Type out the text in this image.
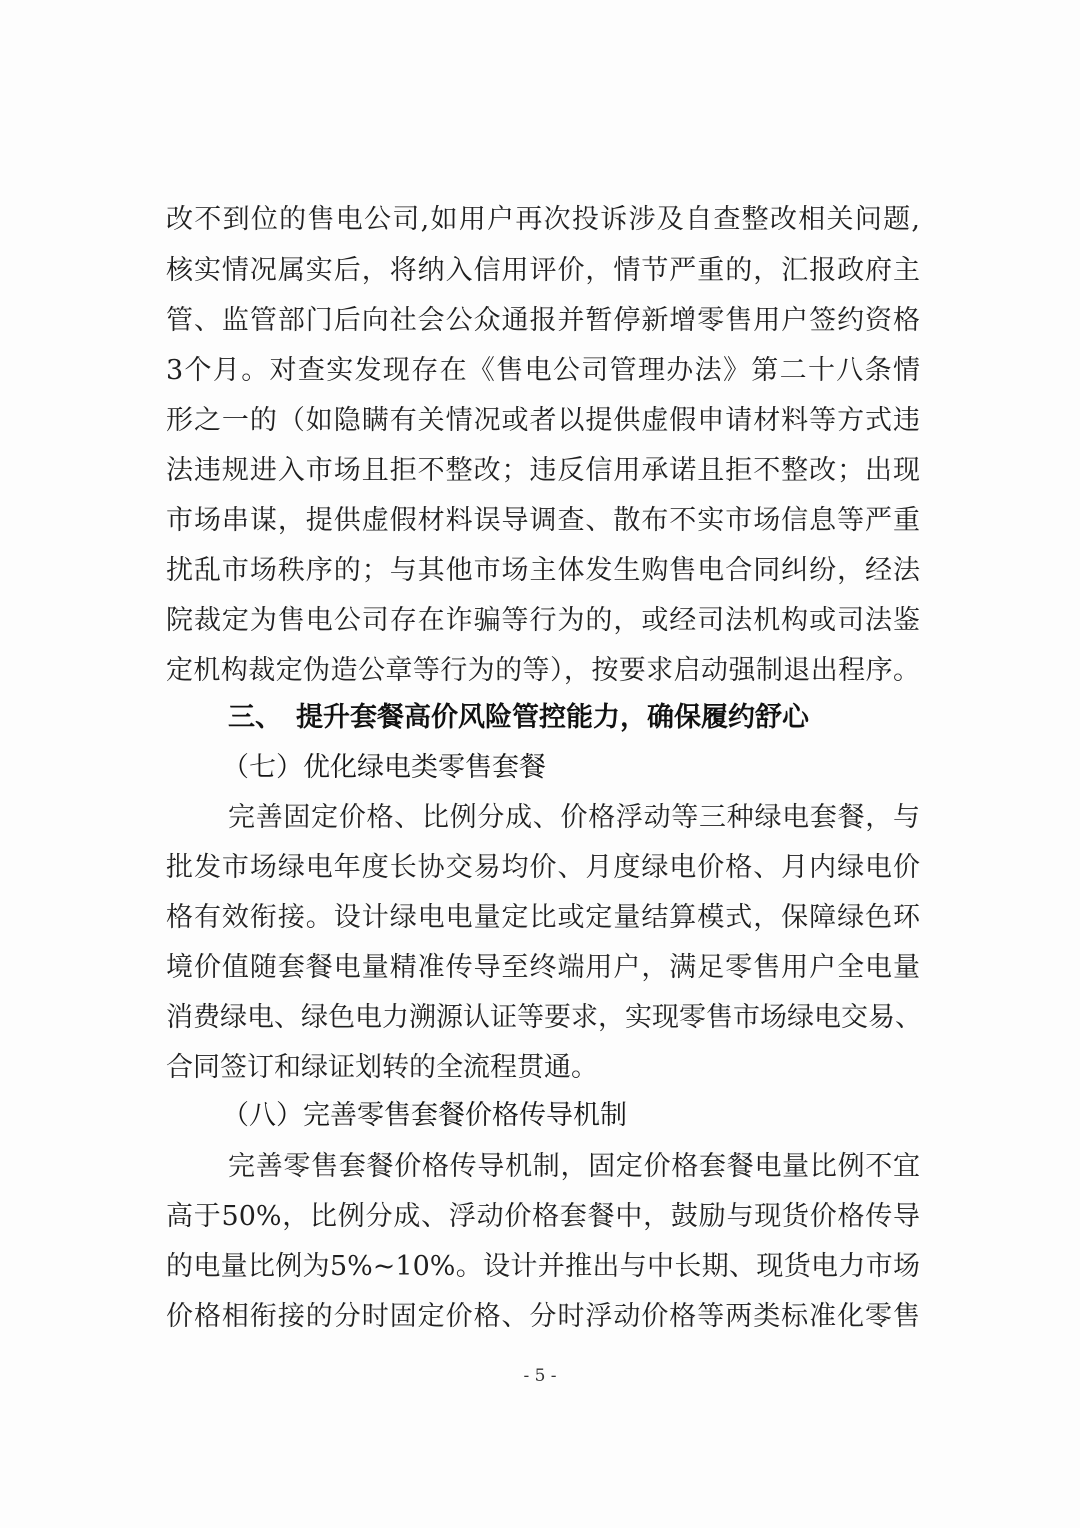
改不到位的售电公司,如用户再次投诉涉及自查整改相关问题,
核实情况属实后，将纳入信用评价，情节严重的，汇报政府主
管、监管部门后向社会公众通报并暂停新增零售用户签约资格
3个月。对查实发现存在《售电公司管理办法》第二十八条情
形之一的（如隐瞒有关情况或者以提供虚假申请材料等方式违
法违规进入市场且拒不整改；违反信用承诺且拒不整改；出现
市场串谋，提供虚假材料误导调查、散布不实市场信息等严重
扰乱市场秩序的；与其他市场主体发生购售电合同纠纷，经法
院裁定为售电公司存在诈骗等行为的，或经司法机构或司法鉴
定机构裁定伪造公章等行为的等），按要求启动强制退出程序。
三、 提升套餐高价风险管控能力，确保履约舒心
（七）优化绿电类零售套餐
完善固定价格、比例分成、价格浮动等三种绿电套餐，与
批发市场绿电年度长协交易均价、月度绿电价格、月内绿电价
格有效衔接。设计绿电电量定比或定量结算模式，保障绿色环
境价值随套餐电量精准传导至终端用户，满足零售用户全电量
消费绿电、绿色电力溯源认证等要求，实现零售市场绿电交易、
合同签订和绿证划转的全流程贯通。
（八）完善零售套餐价格传导机制
完善零售套餐价格传导机制，固定价格套餐电量比例不宜
高于50%，比例分成、浮动价格套餐中，鼓励与现货价格传导
的电量比例为5%~10%。设计并推出与中长期、现货电力市场
价格相衔接的分时固定价格、分时浮动价格等两类标准化零售
- 5 -
